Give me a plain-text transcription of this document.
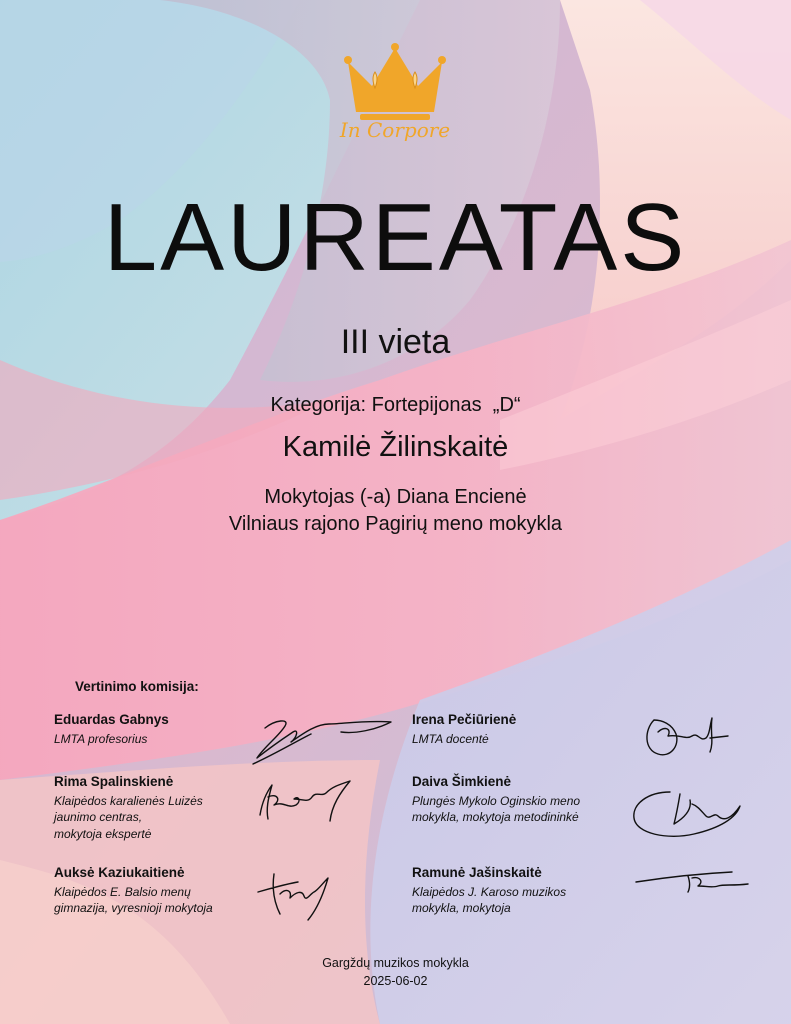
In Corpore
LAUREATAS
III vieta
Kategorija: Fortepijonas  „D“
Kamilė Žilinskaitė
Mokytojas (-a) Diana Encienė
Vilniaus rajono Pagirių meno mokykla
Vertinimo komisija:
Eduardas Gabnys
LMTA profesorius
Irena Pečiūrienė
LMTA docentė
Rima Spalinskienė
Klaipėdos karalienės Luizės
jaunimo centras,
mokytoja ekspertė
Daiva Šimkienė
Plungės Mykolo Oginskio meno
mokykla, mokytoja metodininkė
Auksė Kaziukaitienė
Klaipėdos E. Balsio menų
gimnazija, vyresnioji mokytoja
Ramunė Jašinskaitė
Klaipėdos J. Karoso muzikos
mokykla, mokytoja
Gargždų muzikos mokykla
2025-06-02
